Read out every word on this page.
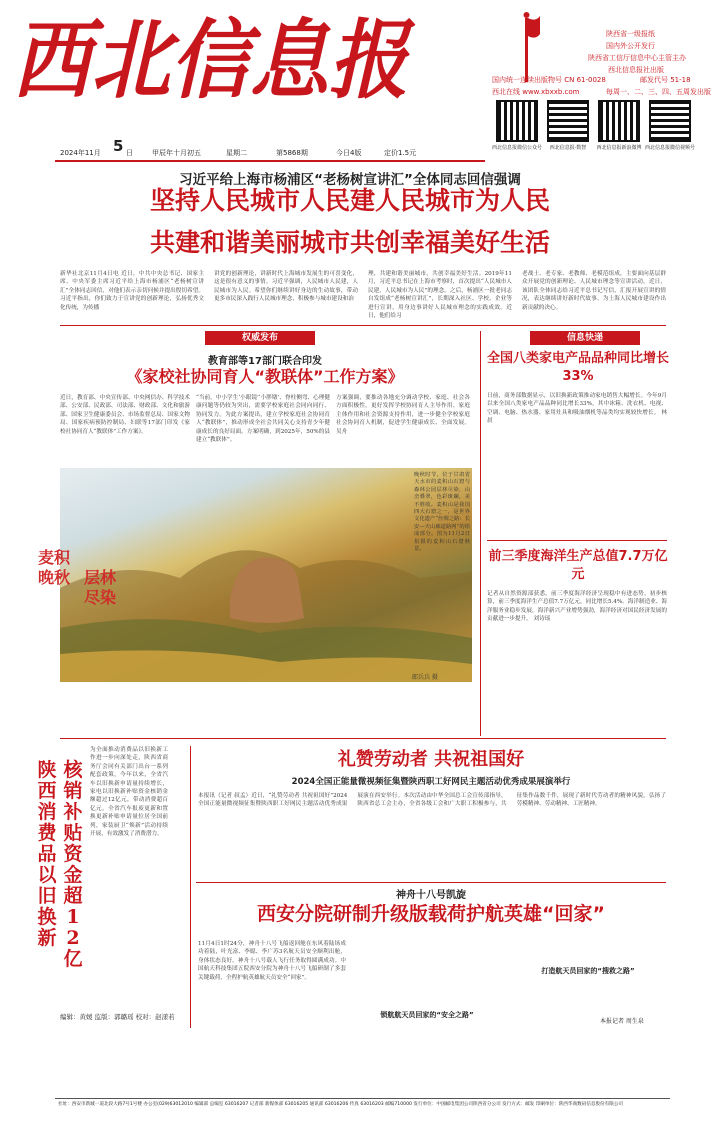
西北信息报	陕西省一级报纸
国内外公开发行
陕西省工信厅信息中心主管主办
西北信息报社出版
国内统一连续出版物号 CN 61-0028	邮发代号 51-18
西北在线 www.xbxxb.com	每周一、二、三、四、五周发出版
西北信息报微信公众号	西北信息报·数智	西北信息报新浪微博 西北信息报微信视频号
2024年11月 5 日	甲辰年十月初五	星期二	第5868期	今日4版	定价1.5元
习近平给上海市杨浦区“老杨树宣讲汇”全体同志回信强调
坚持人民城市人民建人民城市为人民
共建和谐美丽城市共创幸福美好生活
新华社北京11月4日电 近日，中共中央总书记、国家主席、中央军委主席习近平给上海市杨浦区“老杨树宣讲汇”全体同志回信，对他们表示亲切问候并提出殷切希望。习近平指出，你们致力于宣讲党的创新理论，弘扬优秀文化传统，为传播
讲党的创新理论，讲新时代上海城市发展生的可喜变化，这是很有意义的事情。习近平强调，人民城市人民建，人民城市为人民。希望你们继续讲好身边的生动故事，带动更多市民深入践行人民城市理念，积极参与城市建设和治
理，共建和谐美丽城市，共创幸福美好生活。2019年11月，习近平总书记在上海市考察时，首次提出“人民城市人民建，人民城市为人民”的理念。之后，杨浦区一批老同志自发组成“老杨树宣讲汇”，长期深入社区、学校、企业等进行宣讲，用身边事讲好人民城市理念的实践成效。近日，他们给习
老战士、老专家、老教师、老模范组成，主要面向基层群众开展党的创新理论、人民城市理念等宣讲活动。近日，该团队全体同志给习近平总书记写信，汇报开展宣讲的情况，表达继续讲好新时代故事、为上海人民城市建设作出新贡献的决心。
权威发布
教育部等17部门联合印发
《家校社协同育人“教联体”工作方案》
近日，教育部、中央宣传部、中央网信办、科学技术部、公安部、民政部、司法部、财政部、文化和旅游部、国家卫生健康委员会、市场监督总局、国家文物局、国家疾病预防控制局、妇联等17部门印发《家校社协同育人“教联体”工作方案》。
“当前，中小学生‘小眼镜’‘小胖墩’、脊柱侧弯、心理健康问题等仍较为突出，需要学校家庭社会同向同行、协同发力。为此方案提出，建立学校家庭社会协同育人“教联体”，推动形成全社会共同关心支持青少年健康成长的良好局面。方案明确，到2025年，50%的县建立“教联体”。
方案强调，要推动各地充分调动学校、家庭、社会各方面积极性，更好发挥学校协同育人主导作用、家庭主体作用和社会资源支持作用，进一步健全学校家庭社会协同育人机制，促进学生健康成长、全面发展。 吴舟
麦积晚秋 层林尽染
晚秋时节，位于甘肃省天水市的麦积山石窟与森林公园层林尽染，山峦叠翠，色彩斑斓，美不胜收。麦积山是我国四大石窟之一，是世界文化遗产“丝绸之路：长安—天山廊道路网”的组成部分。图为11月2日拍摄的麦积山石窟秋景。
郎兵兵 摄
信息快递
全国八类家电产品品种同比增长33%
日前，商务部数据显示，以旧换新政策推动家电销售大幅增长。今年9月以来全国八类家电产品品种同比增长33%，其中冰箱、洗衣机、电视、空调、电脑、热水器、家用灶具和吸油烟机等品类均实现较快增长。 林晨
前三季度海洋生产总值7.7万亿元
记者从自然资源部获悉，前三季度海洋经济呈现稳中有进态势。初步核算，前三季度海洋生产总值7.7万亿元，同比增长5.4%。海洋制造业、海洋服务业稳步发展，海洋新兴产业增势强劲，海洋经济对国民经济发展的贡献进一步提升。 刘诗瑶
为全面推动消费品以旧换新工作进一步向深处走，陕西省商务厅会同有关部门出台一系列配套政策，今年以来，全省汽车以旧换新申请量持续增长，家电以旧换新补贴资金核销金额超过12亿元，带动消费超百亿元。全省汽车报废更新和置换更新补贴申请量位居全国前列，家装厨卫“焕新”活动持续开展，有效激发了消费潜力。
陕西消费品以旧换新
核销补贴资金超12亿
编辑：黄媛 监版：郭璐瑶 校对：赵漾若
礼赞劳动者 共祝祖国好
2024全国正能量微视频征集暨陕西职工好网民主题活动优秀成果展演举行
本报讯（记者 叔孟）近日，“礼赞劳动者 共祝祖国好”2024全国正能量微视频征集暨陕西职工好网民主题活动优秀成果展演在西安举行。本次活动由中华全国总工会宣传部指导，陕西省总工会主办，全省各级工会和广大职工积极参与，共征集作品数千件，展现了新时代劳动者的精神风貌，弘扬了劳模精神、劳动精神、工匠精神。
神舟十八号凯旋
西安分院研制升级版载荷护航英雄“回家”
11月4日1时24分，神舟十八号飞船返回舱在东风着陆场成功着陆，叶光富、李聪、李广苏3名航天员安全顺利出舱，身体状态良好，神舟十八号载人飞行任务取得圆满成功。中国航天科技集团五院西安分院为神舟十八号飞船研制了多套关键载荷，全程护航英雄航天员安全“回家”。
锁航航天员回家的“安全之路”
打造航天员回家的“搜救之路”
本报记者 周生泉
社址：西安市新城一道北段大路7号1号楼 办公室(029)63012010 编辑部 总编室 63016207 记者部 新媒体部 63016205 通讯部 63016206 传真 63016203 邮编710000 发行单位：中国邮电集团公司陕西省分公司 发行方式：邮发 印刷单位：陕西华商数码信息股份有限公司
